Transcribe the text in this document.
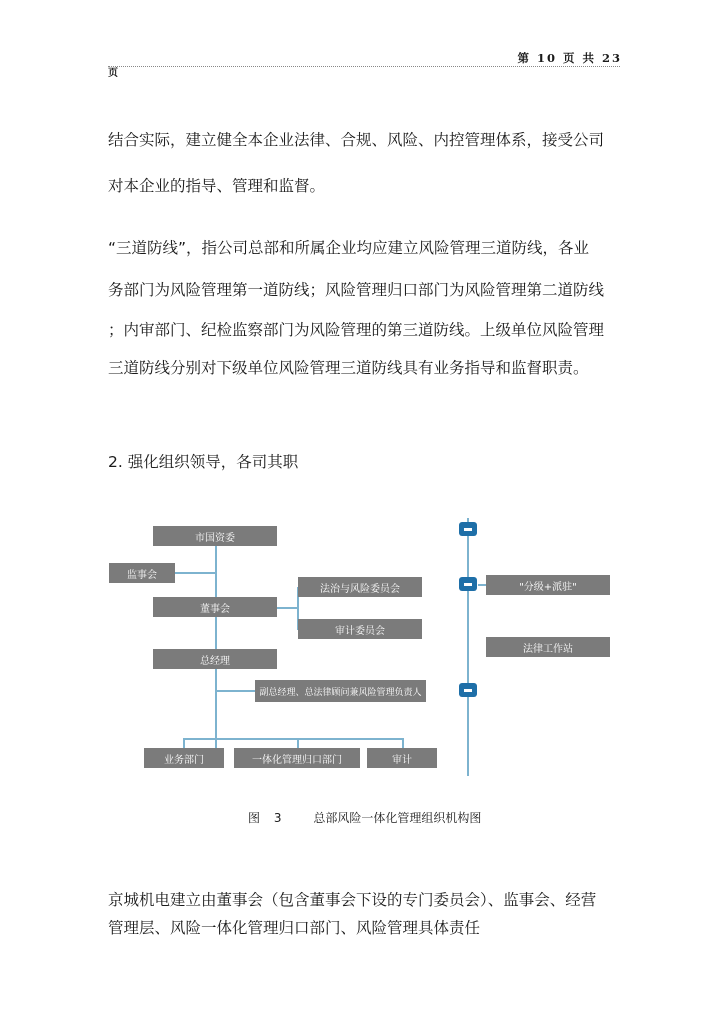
第 10 页 共 23
页
结合实际，建立健全本企业法律、合规、风险、内控管理体系，接受公司
对本企业的指导、管理和监督。
“三道防线”，指公司总部和所属企业均应建立风险管理三道防线，各业
务部门为风险管理第一道防线；风险管理归口部门为风险管理第二道防线
；内审部门、纪检监察部门为风险管理的第三道防线。上级单位风险管理
三道防线分别对下级单位风险管理三道防线具有业务指导和监督职责。
2. 强化组织领导，各司其职
市国资委
监事会
董事会
法治与风险委员会
审计委员会
总经理
副总经理、总法律顾问兼风险管理负责人
业务部门	一体化管理归口部门	审计
"分级+派驻"
法律工作站
图 3	总部风险一体化管理组织机构图
京城机电建立由董事会（包含董事会下设的专门委员会）、监事会、经营
管理层、风险一体化管理归口部门、风险管理具体责任
